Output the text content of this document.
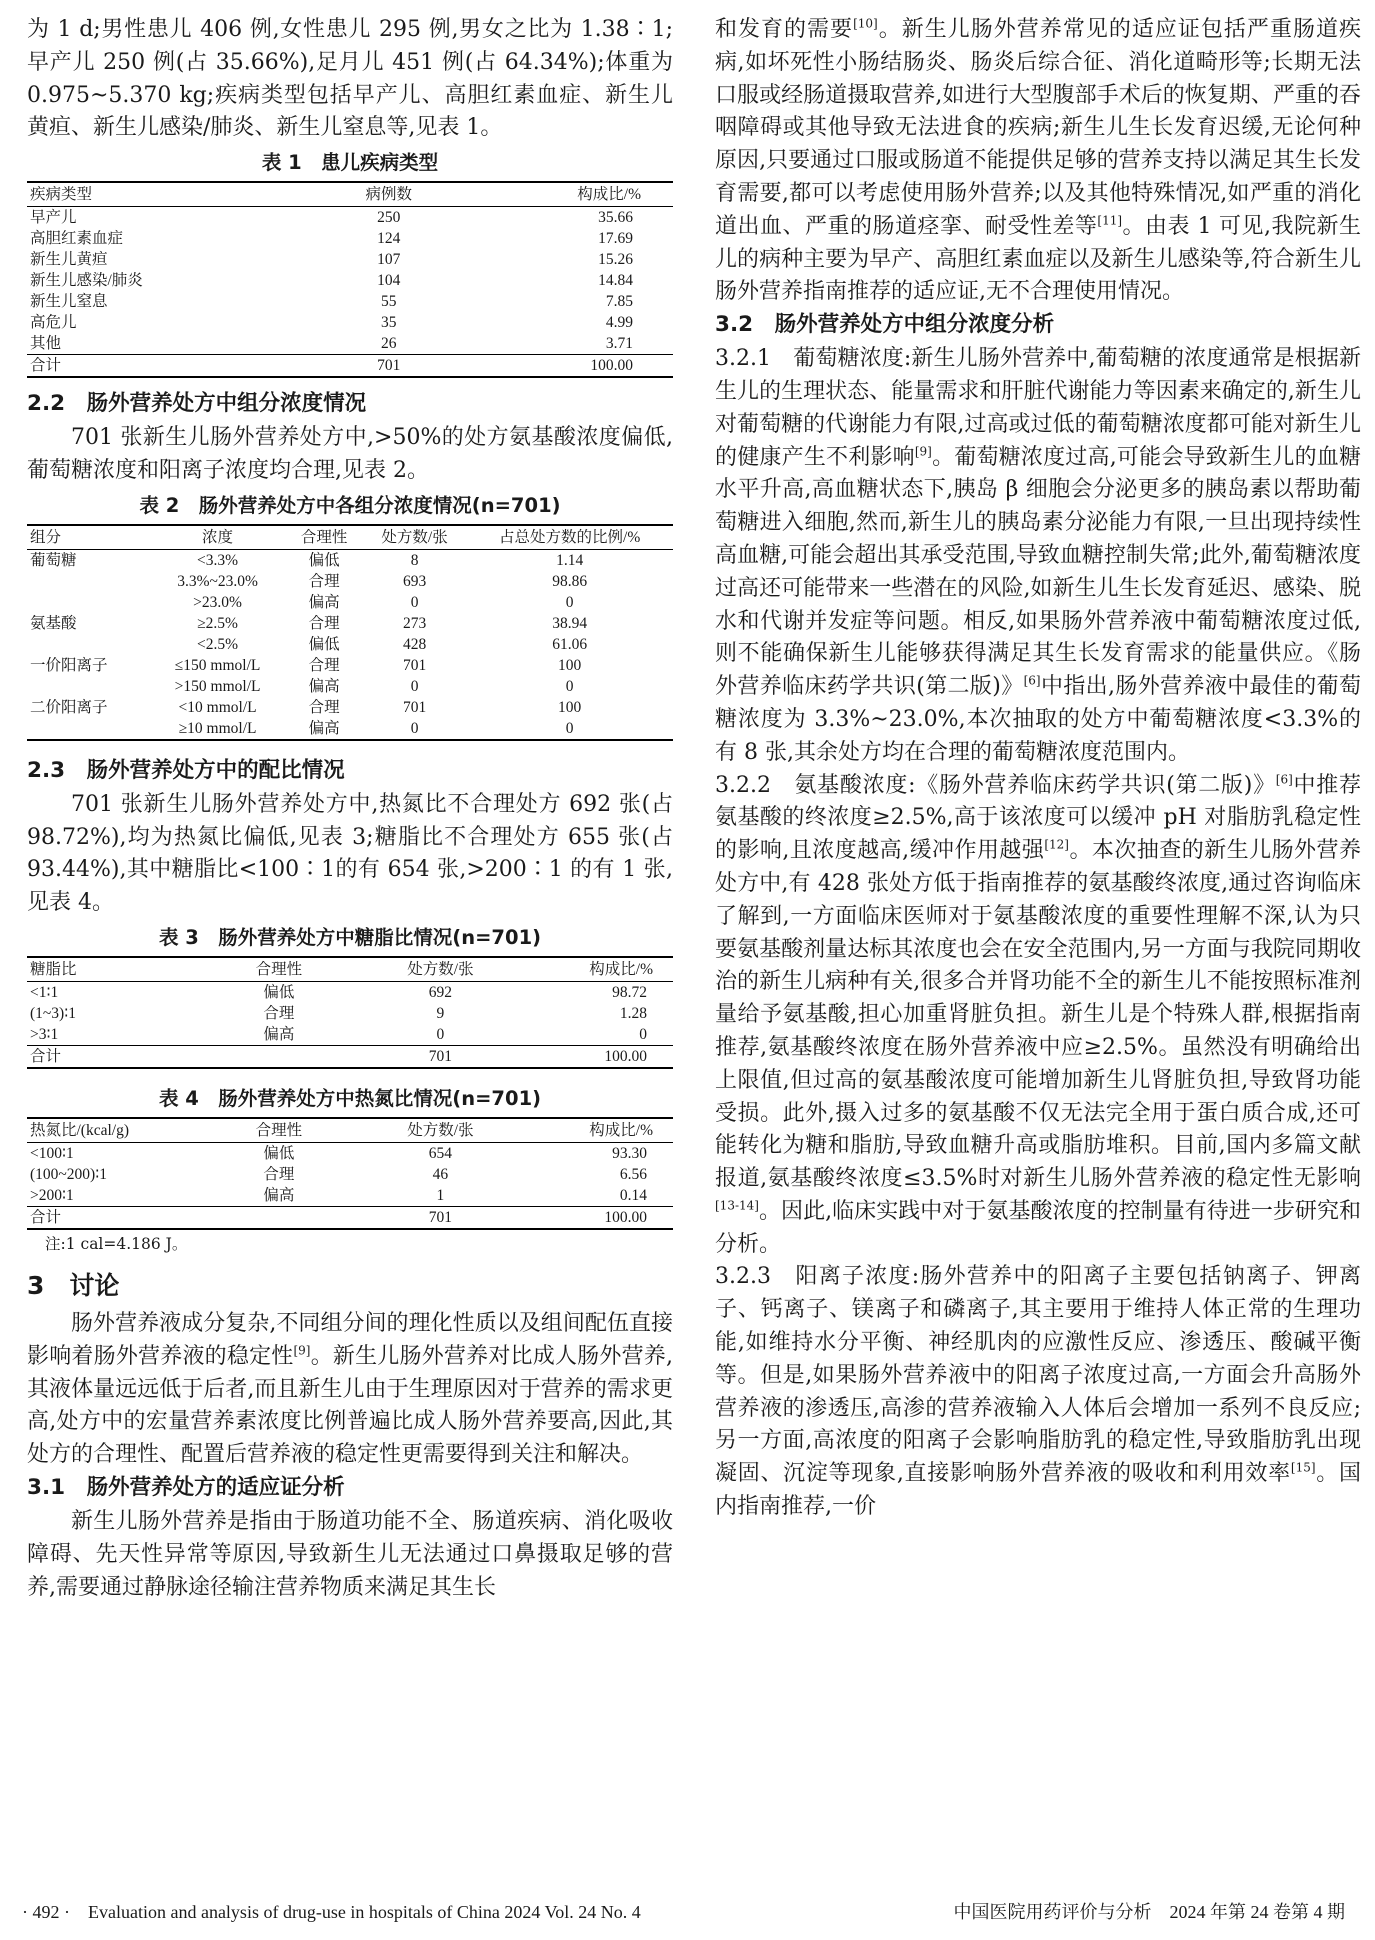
为 1 d;男性患儿 406 例,女性患儿 295 例,男女之比为 1.38∶1;早产儿 250 例(占 35.66%),足月儿 451 例(占 64.34%);体重为 0.975~5.370 kg;疾病类型包括早产儿、高胆红素血症、新生儿黄疸、新生儿感染/肺炎、新生儿窒息等,见表 1。

表 1　患儿疾病类型
疾病类型	病例数	构成比/%
早产儿	250	35.66
高胆红素血症	124	17.69
新生儿黄疸	107	15.26
新生儿感染/肺炎	104	14.84
新生儿窒息	55	7.85
高危儿	35	4.99
其他	26	3.71
合计	701	100.00
2.2　肠外营养处方中组分浓度情况

701 张新生儿肠外营养处方中,>50%的处方氨基酸浓度偏低,葡萄糖浓度和阳离子浓度均合理,见表 2。

表 2　肠外营养处方中各组分浓度情况(n=701)
组分	浓度	合理性	处方数/张	占总处方数的比例/%
葡萄糖	<3.3%	偏低	8	1.14
	3.3%~23.0%	合理	693	98.86
	>23.0%	偏高	0	0
氨基酸	≥2.5%	合理	273	38.94
	<2.5%	偏低	428	61.06
一价阳离子	≤150 mmol/L	合理	701	100
	>150 mmol/L	偏高	0	0
二价阳离子	<10 mmol/L	合理	701	100
	≥10 mmol/L	偏高	0	0
2.3　肠外营养处方中的配比情况

701 张新生儿肠外营养处方中,热氮比不合理处方 692 张(占 98.72%),均为热氮比偏低,见表 3;糖脂比不合理处方 655 张(占 93.44%),其中糖脂比<100∶1的有 654 张,>200∶1 的有 1 张,见表 4。

表 3　肠外营养处方中糖脂比情况(n=701)
糖脂比	合理性	处方数/张	构成比/%
<1∶1	偏低	692	98.72
(1~3)∶1	合理	9	1.28
>3∶1	偏高	0	0
合计		701	100.00
表 4　肠外营养处方中热氮比情况(n=701)
热氮比/(kcal/g)	合理性	处方数/张	构成比/%
<100∶1	偏低	654	93.30
(100~200)∶1	合理	46	6.56
>200∶1	偏高	1	0.14
合计		701	100.00
注:1 cal=4.186 J。
3　讨论

肠外营养液成分复杂,不同组分间的理化性质以及组间配伍直接影响着肠外营养液的稳定性[9]。新生儿肠外营养对比成人肠外营养,其液体量远远低于后者,而且新生儿由于生理原因对于营养的需求更高,处方中的宏量营养素浓度比例普遍比成人肠外营养要高,因此,其处方的合理性、配置后营养液的稳定性更需要得到关注和解决。

3.1　肠外营养处方的适应证分析

新生儿肠外营养是指由于肠道功能不全、肠道疾病、消化吸收障碍、先天性异常等原因,导致新生儿无法通过口鼻摄取足够的营养,需要通过静脉途径输注营养物质来满足其生长

和发育的需要[10]。新生儿肠外营养常见的适应证包括严重肠道疾病,如坏死性小肠结肠炎、肠炎后综合征、消化道畸形等;长期无法口服或经肠道摄取营养,如进行大型腹部手术后的恢复期、严重的吞咽障碍或其他导致无法进食的疾病;新生儿生长发育迟缓,无论何种原因,只要通过口服或肠道不能提供足够的营养支持以满足其生长发育需要,都可以考虑使用肠外营养;以及其他特殊情况,如严重的消化道出血、严重的肠道痉挛、耐受性差等[11]。由表 1 可见,我院新生儿的病种主要为早产、高胆红素血症以及新生儿感染等,符合新生儿肠外营养指南推荐的适应证,无不合理使用情况。

3.2　肠外营养处方中组分浓度分析

3.2.1　葡萄糖浓度:新生儿肠外营养中,葡萄糖的浓度通常是根据新生儿的生理状态、能量需求和肝脏代谢能力等因素来确定的,新生儿对葡萄糖的代谢能力有限,过高或过低的葡萄糖浓度都可能对新生儿的健康产生不利影响[9]。葡萄糖浓度过高,可能会导致新生儿的血糖水平升高,高血糖状态下,胰岛 β 细胞会分泌更多的胰岛素以帮助葡萄糖进入细胞,然而,新生儿的胰岛素分泌能力有限,一旦出现持续性高血糖,可能会超出其承受范围,导致血糖控制失常;此外,葡萄糖浓度过高还可能带来一些潜在的风险,如新生儿生长发育延迟、感染、脱水和代谢并发症等问题。相反,如果肠外营养液中葡萄糖浓度过低,则不能确保新生儿能够获得满足其生长发育需求的能量供应。《肠外营养临床药学共识(第二版)》[6]中指出,肠外营养液中最佳的葡萄糖浓度为 3.3%~23.0%,本次抽取的处方中葡萄糖浓度<3.3%的有 8 张,其余处方均在合理的葡萄糖浓度范围内。

3.2.2　氨基酸浓度:《肠外营养临床药学共识(第二版)》[6]中推荐氨基酸的终浓度≥2.5%,高于该浓度可以缓冲 pH 对脂肪乳稳定性的影响,且浓度越高,缓冲作用越强[12]。本次抽查的新生儿肠外营养处方中,有 428 张处方低于指南推荐的氨基酸终浓度,通过咨询临床了解到,一方面临床医师对于氨基酸浓度的重要性理解不深,认为只要氨基酸剂量达标其浓度也会在安全范围内,另一方面与我院同期收治的新生儿病种有关,很多合并肾功能不全的新生儿不能按照标准剂量给予氨基酸,担心加重肾脏负担。新生儿是个特殊人群,根据指南推荐,氨基酸终浓度在肠外营养液中应≥2.5%。虽然没有明确给出上限值,但过高的氨基酸浓度可能增加新生儿肾脏负担,导致肾功能受损。此外,摄入过多的氨基酸不仅无法完全用于蛋白质合成,还可能转化为糖和脂肪,导致血糖升高或脂肪堆积。目前,国内多篇文献报道,氨基酸终浓度≤3.5%时对新生儿肠外营养液的稳定性无影响[13-14]。因此,临床实践中对于氨基酸浓度的控制量有待进一步研究和分析。

3.2.3　阳离子浓度:肠外营养中的阳离子主要包括钠离子、钾离子、钙离子、镁离子和磷离子,其主要用于维持人体正常的生理功能,如维持水分平衡、神经肌肉的应激性反应、渗透压、酸碱平衡等。但是,如果肠外营养液中的阳离子浓度过高,一方面会升高肠外营养液的渗透压,高渗的营养液输入人体后会增加一系列不良反应;另一方面,高浓度的阳离子会影响脂肪乳的稳定性,导致脂肪乳出现凝固、沉淀等现象,直接影响肠外营养液的吸收和利用效率[15]。国内指南推荐,一价

· 492 ·　Evaluation and analysis of drug-use in hospitals of China 2024 Vol. 24 No. 4	中国医院用药评价与分析　2024 年第 24 卷第 4 期
